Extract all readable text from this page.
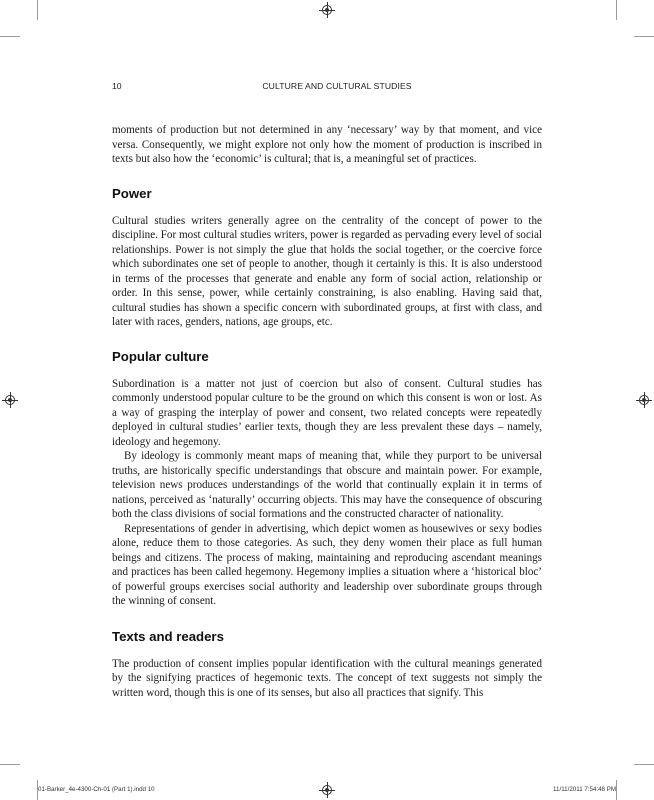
10	CULTURE AND CULTURAL STUDIES

moments of production but not determined in any ‘necessary’ way by that moment, and vice versa. Consequently, we might explore not only how the moment of production is inscribed in texts but also how the ‘economic’ is cultural; that is, a meaningful set of practices.

Power

Cultural studies writers generally agree on the centrality of the concept of power to the discipline. For most cultural studies writers, power is regarded as pervading every level of social relationships. Power is not simply the glue that holds the social together, or the coercive force which subordinates one set of people to another, though it certainly is this. It is also understood in terms of the processes that generate and enable any form of social action, relationship or order. In this sense, power, while certainly constraining, is also enabling. Having said that, cultural studies has shown a specific concern with subordinated groups, at first with class, and later with races, genders, nations, age groups, etc.

Popular culture

Subordination is a matter not just of coercion but also of consent. Cultural studies has commonly understood popular culture to be the ground on which this consent is won or lost. As a way of grasping the interplay of power and consent, two related concepts were repeatedly deployed in cultural studies’ earlier texts, though they are less prevalent these days – namely, ideology and hegemony.

By ideology is commonly meant maps of meaning that, while they purport to be universal truths, are historically specific understandings that obscure and maintain power. For example, television news produces understandings of the world that continually explain it in terms of nations, perceived as ‘naturally’ occurring objects. This may have the consequence of obscuring both the class divisions of social formations and the constructed character of nationality.

Representations of gender in advertising, which depict women as housewives or sexy bodies alone, reduce them to those categories. As such, they deny women their place as full human beings and citizens. The process of making, maintaining and reproducing ascendant meanings and practices has been called hegemony. Hegemony implies a situation where a ‘historical bloc’ of powerful groups exercises social authority and leadership over subordinate groups through the winning of consent.

Texts and readers

The production of consent implies popular identification with the cultural meanings generated by the signifying practices of hegemonic texts. The concept of text suggests not simply the written word, though this is one of its senses, but also all practices that signify. This

01-Barker_4e-4300-Ch-01 (Part 1).indd 10	11/11/2011 7:54:48 PM
